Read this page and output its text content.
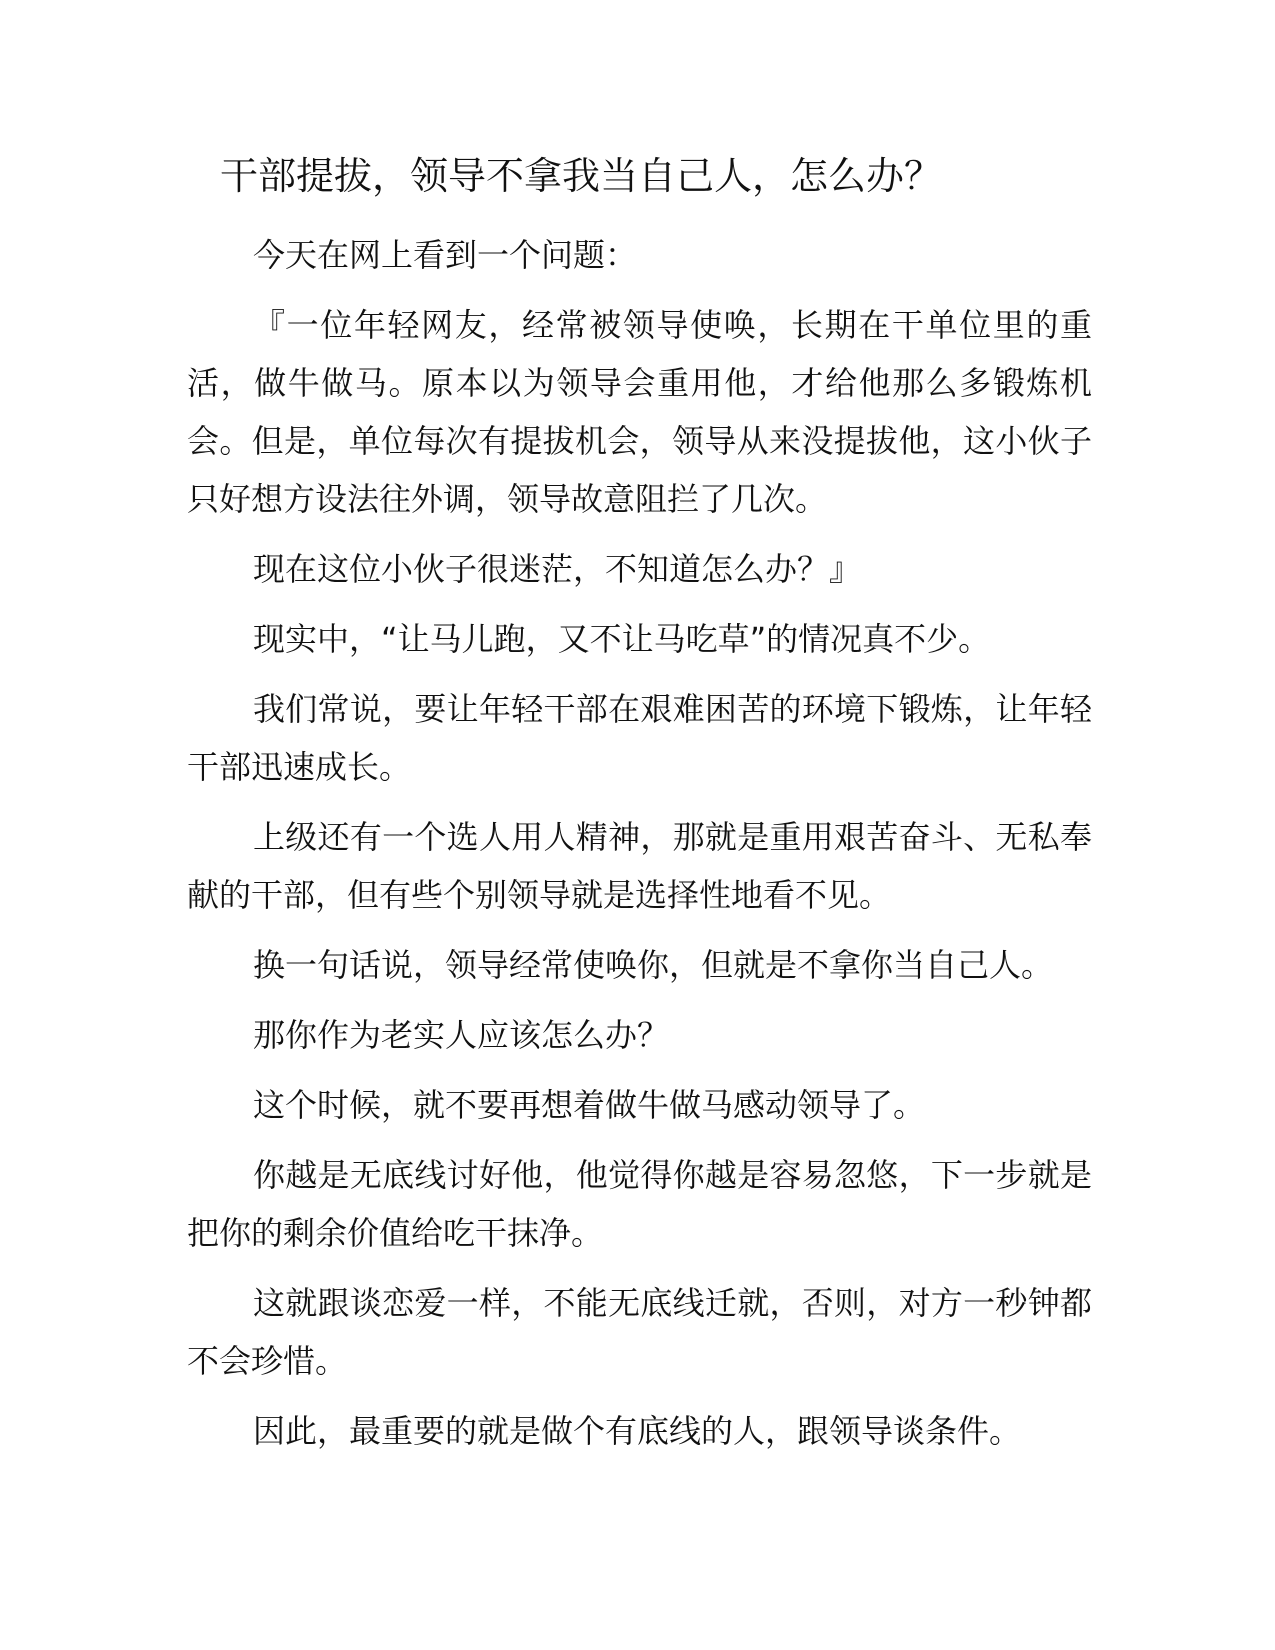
干部提拔，领导不拿我当自己人，怎么办？

今天在网上看到一个问题：

『一位年轻网友，经常被领导使唤，长期在干单位里的重活，做牛做马。原本以为领导会重用他，才给他那么多锻炼机会。但是，单位每次有提拔机会，领导从来没提拔他，这小伙子只好想方设法往外调，领导故意阻拦了几次。

现在这位小伙子很迷茫，不知道怎么办？』

现实中，“让马儿跑，又不让马吃草”的情况真不少。

我们常说，要让年轻干部在艰难困苦的环境下锻炼，让年轻干部迅速成长。

上级还有一个选人用人精神，那就是重用艰苦奋斗、无私奉献的干部，但有些个别领导就是选择性地看不见。

换一句话说，领导经常使唤你，但就是不拿你当自己人。

那你作为老实人应该怎么办？

这个时候，就不要再想着做牛做马感动领导了。

你越是无底线讨好他，他觉得你越是容易忽悠，下一步就是把你的剩余价值给吃干抹净。

这就跟谈恋爱一样，不能无底线迁就，否则，对方一秒钟都不会珍惜。

因此，最重要的就是做个有底线的人，跟领导谈条件。
